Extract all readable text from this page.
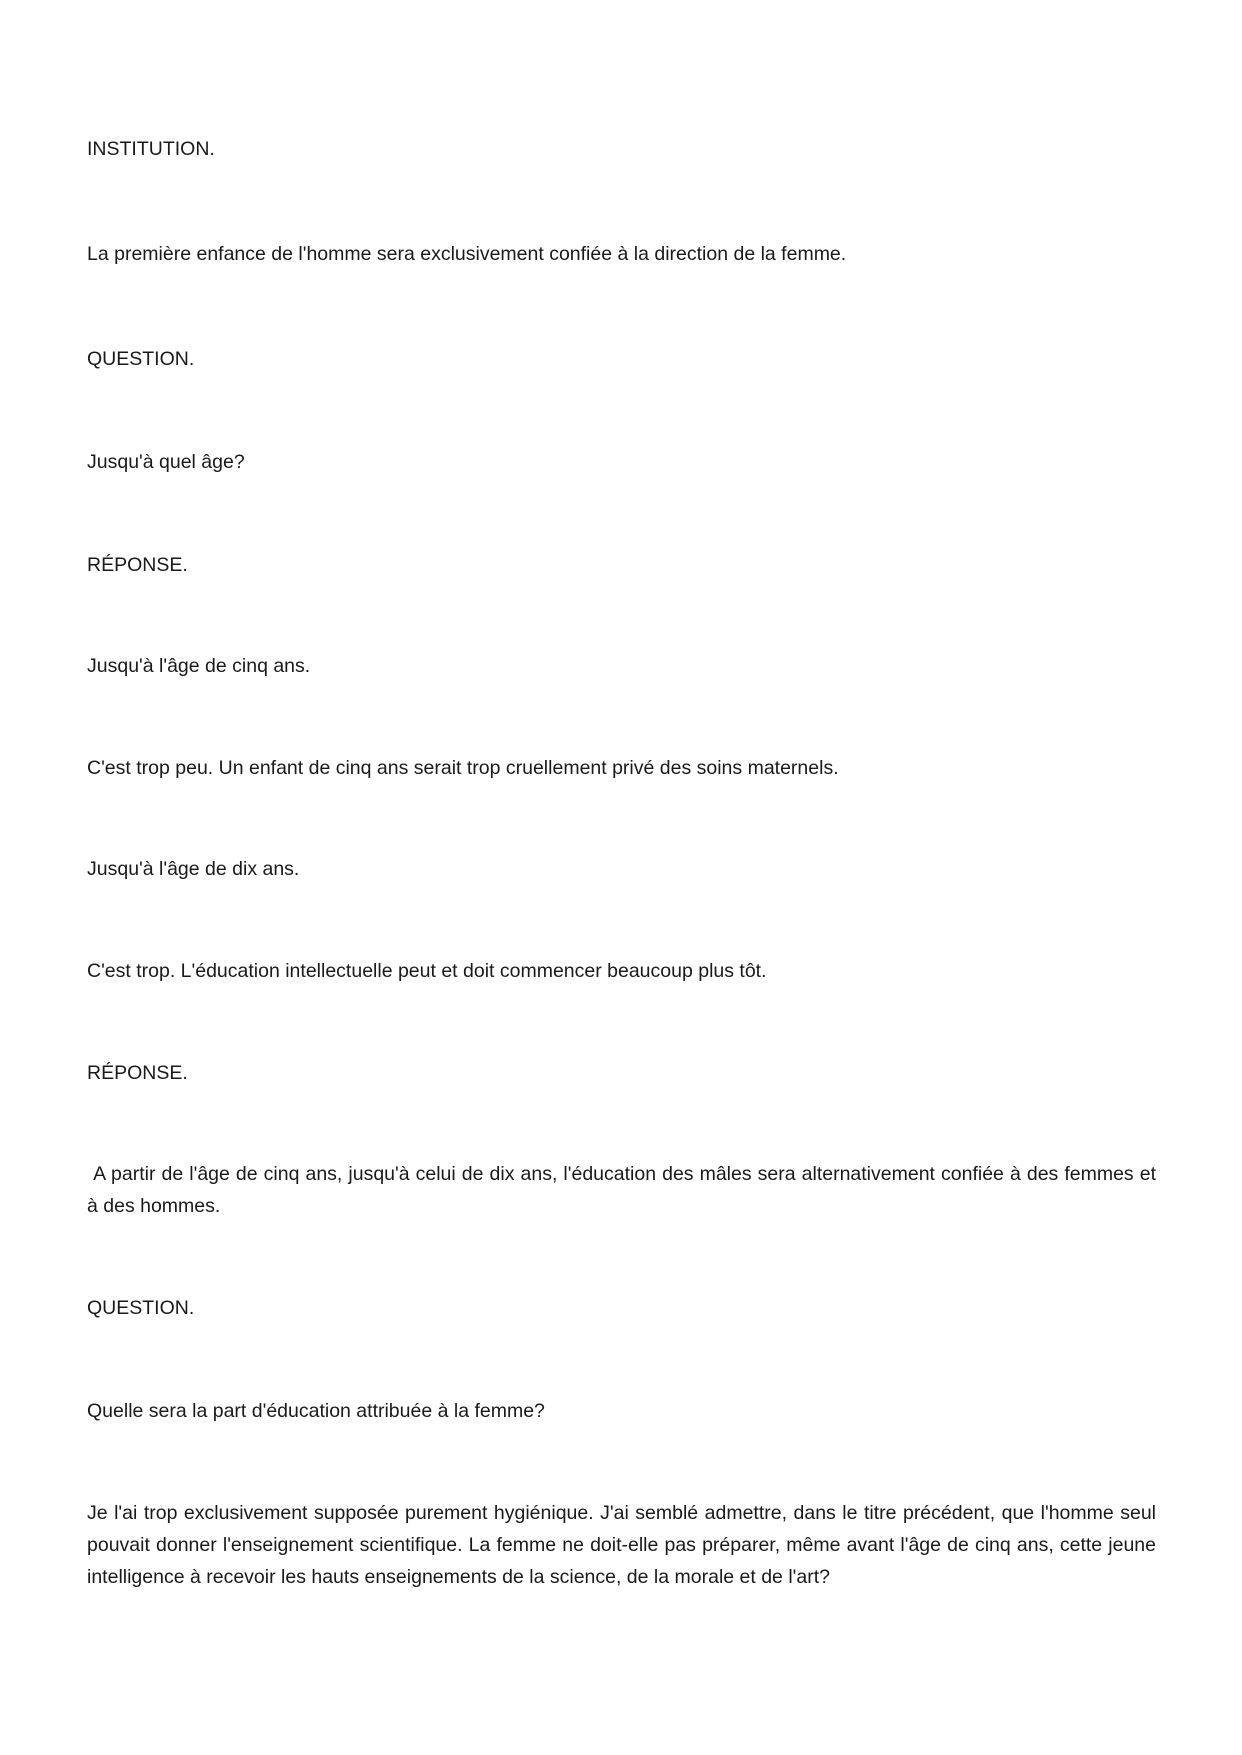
INSTITUTION.

La première enfance de l'homme sera exclusivement confiée à la direction de la femme.

QUESTION.

Jusqu'à quel âge?

RÉPONSE.

Jusqu'à l'âge de cinq ans.

C'est trop peu. Un enfant de cinq ans serait trop cruellement privé des soins maternels.

Jusqu'à l'âge de dix ans.

C'est trop. L'éducation intellectuelle peut et doit commencer beaucoup plus tôt.

RÉPONSE.

A partir de l'âge de cinq ans, jusqu'à celui de dix ans, l'éducation des mâles sera alternativement confiée à des femmes et à des hommes.

QUESTION.

Quelle sera la part d'éducation attribuée à la femme?

Je l'ai trop exclusivement supposée purement hygiénique. J'ai semblé admettre, dans le titre précédent, que l'homme seul pouvait donner l'enseignement scientifique. La femme ne doit-elle pas préparer, même avant l'âge de cinq ans, cette jeune intelligence à recevoir les hauts enseignements de la science, de la morale et de l'art?
